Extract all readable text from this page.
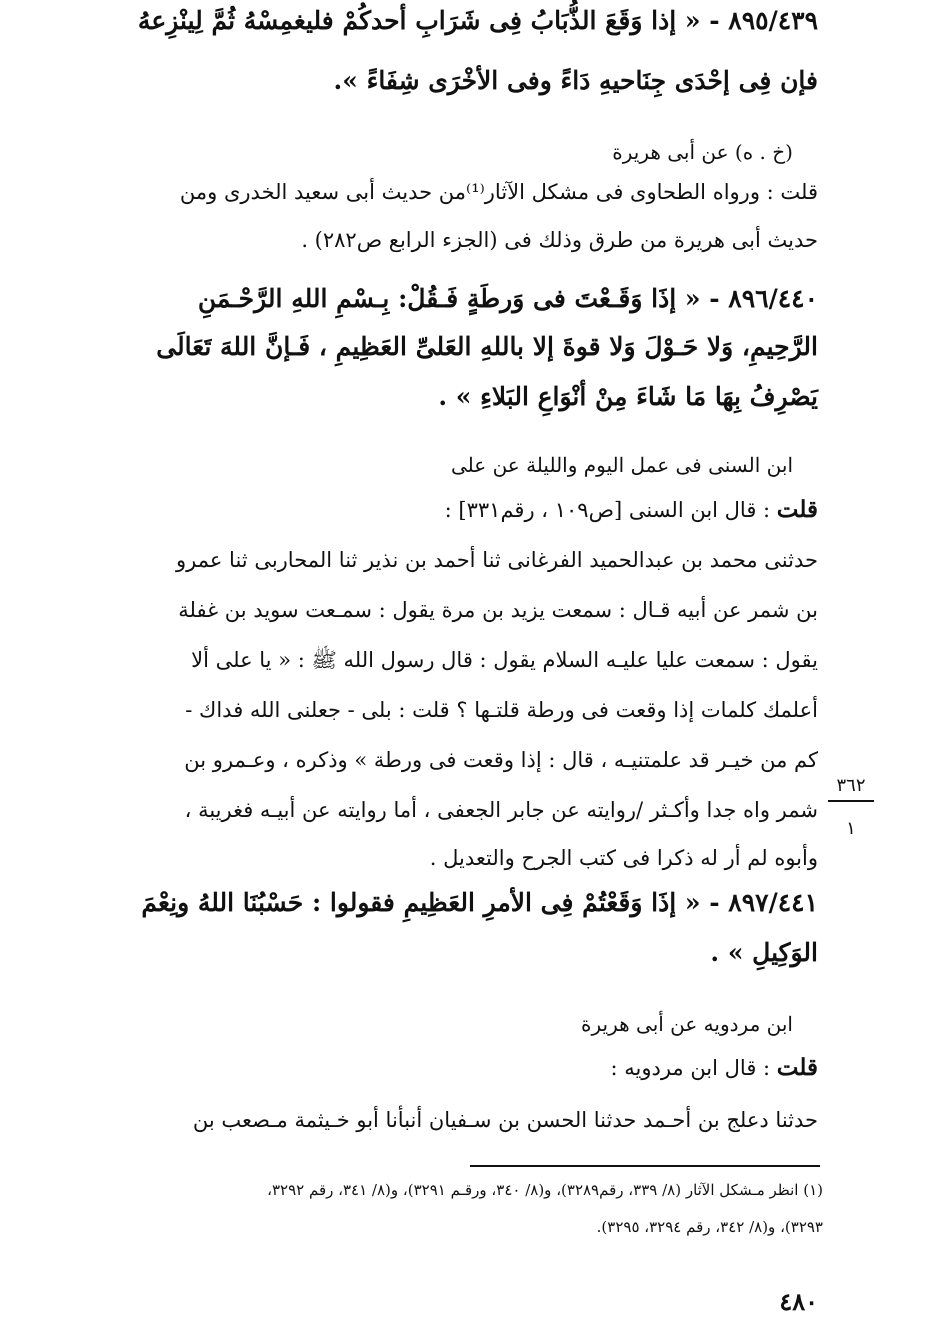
٨٩٥/٤٣٩ - « إذا وَقَعَ الذُّبَابُ فِى شَرَابِ أحدكُمْ فليغمِسْهُ ثُمَّ لِينْزِعهُ
فإن فِى إحْدَى جِنَاحيهِ دَاءً وفى الأخْرَى شِفَاءً ».
(خ . ه) عن أبى هريرة
قلت : ورواه الطحاوى فى مشكل الآثار⁽¹⁾من حديث أبى سعيد الخدرى ومن
حديث أبى هريرة من طرق وذلك فى (الجزء الرابع ص٢٨٢) .
٨٩٦/٤٤٠ - « إذَا وَقَـعْتَ فى وَرطَةٍ فَـقُلْ: بِـسْمِ اللهِ الرَّحْـمَنِ
الرَّحِيمِ، وَلا حَـوْلَ وَلا قوةَ إلا باللهِ العَلىِّ العَظِيمِ ، فَـإنَّ اللهَ تَعَالَى
يَصْرِفُ بِهَا مَا شَاءَ مِنْ أنْوَاعِ البَلاءِ » .
ابن السنى فى عمل اليوم والليلة عن على
قلت : قال ابن السنى [ص١٠٩ ، رقم٣٣١] :
حدثنى محمد بن عبدالحميد الفرغانى ثنا أحمد بن نذير ثنا المحاربى ثنا عمرو
بن شمر عن أبيه قـال : سمعت يزيد بن مرة يقول : سمـعت سويد بن غفلة
يقول : سمعت عليا عليـه السلام يقول : قال رسول الله ﷺ : « يا على ألا
أعلمك كلمات إذا وقعت فى ورطة قلتـها ؟ قلت : بلى - جعلنى الله فداك -
كم من خيـر قد علمتنيـه ، قال : إذا وقعت فى ورطة » وذكره ، وعـمرو بن
شمر واه جدا وأكـثر /روايته عن جابر الجعفى ، أما روايته عن أبيـه فغريبة ،
وأبوه لم أر له ذكرا فى كتب الجرح والتعديل .
٣٦٢
١
٨٩٧/٤٤١ - « إذَا وَقَعْتُمْ فِى الأمرِ العَظِيمِ فقولوا : حَسْبُنَا اللهُ ونِعْمَ
الوَكِيلِ » .
ابن مردويه عن أبى هريرة
قلت : قال ابن مردويه :
حدثنا دعلج بن أحـمد حدثنا الحسن بن سـفيان أنبأنا أبو خـيثمة مـصعب بن
(١) انظر مـشكل الآثار (٨/ ٣٣٩، رقم٣٢٨٩)، و(٨/ ٣٤٠، ورقـم ٣٢٩١)، و(٨/ ٣٤١، رقم ٣٢٩٢،
٣٢٩٣)، و(٨/ ٣٤٢، رقم ٣٢٩٤، ٣٢٩٥).
٤٨٠
